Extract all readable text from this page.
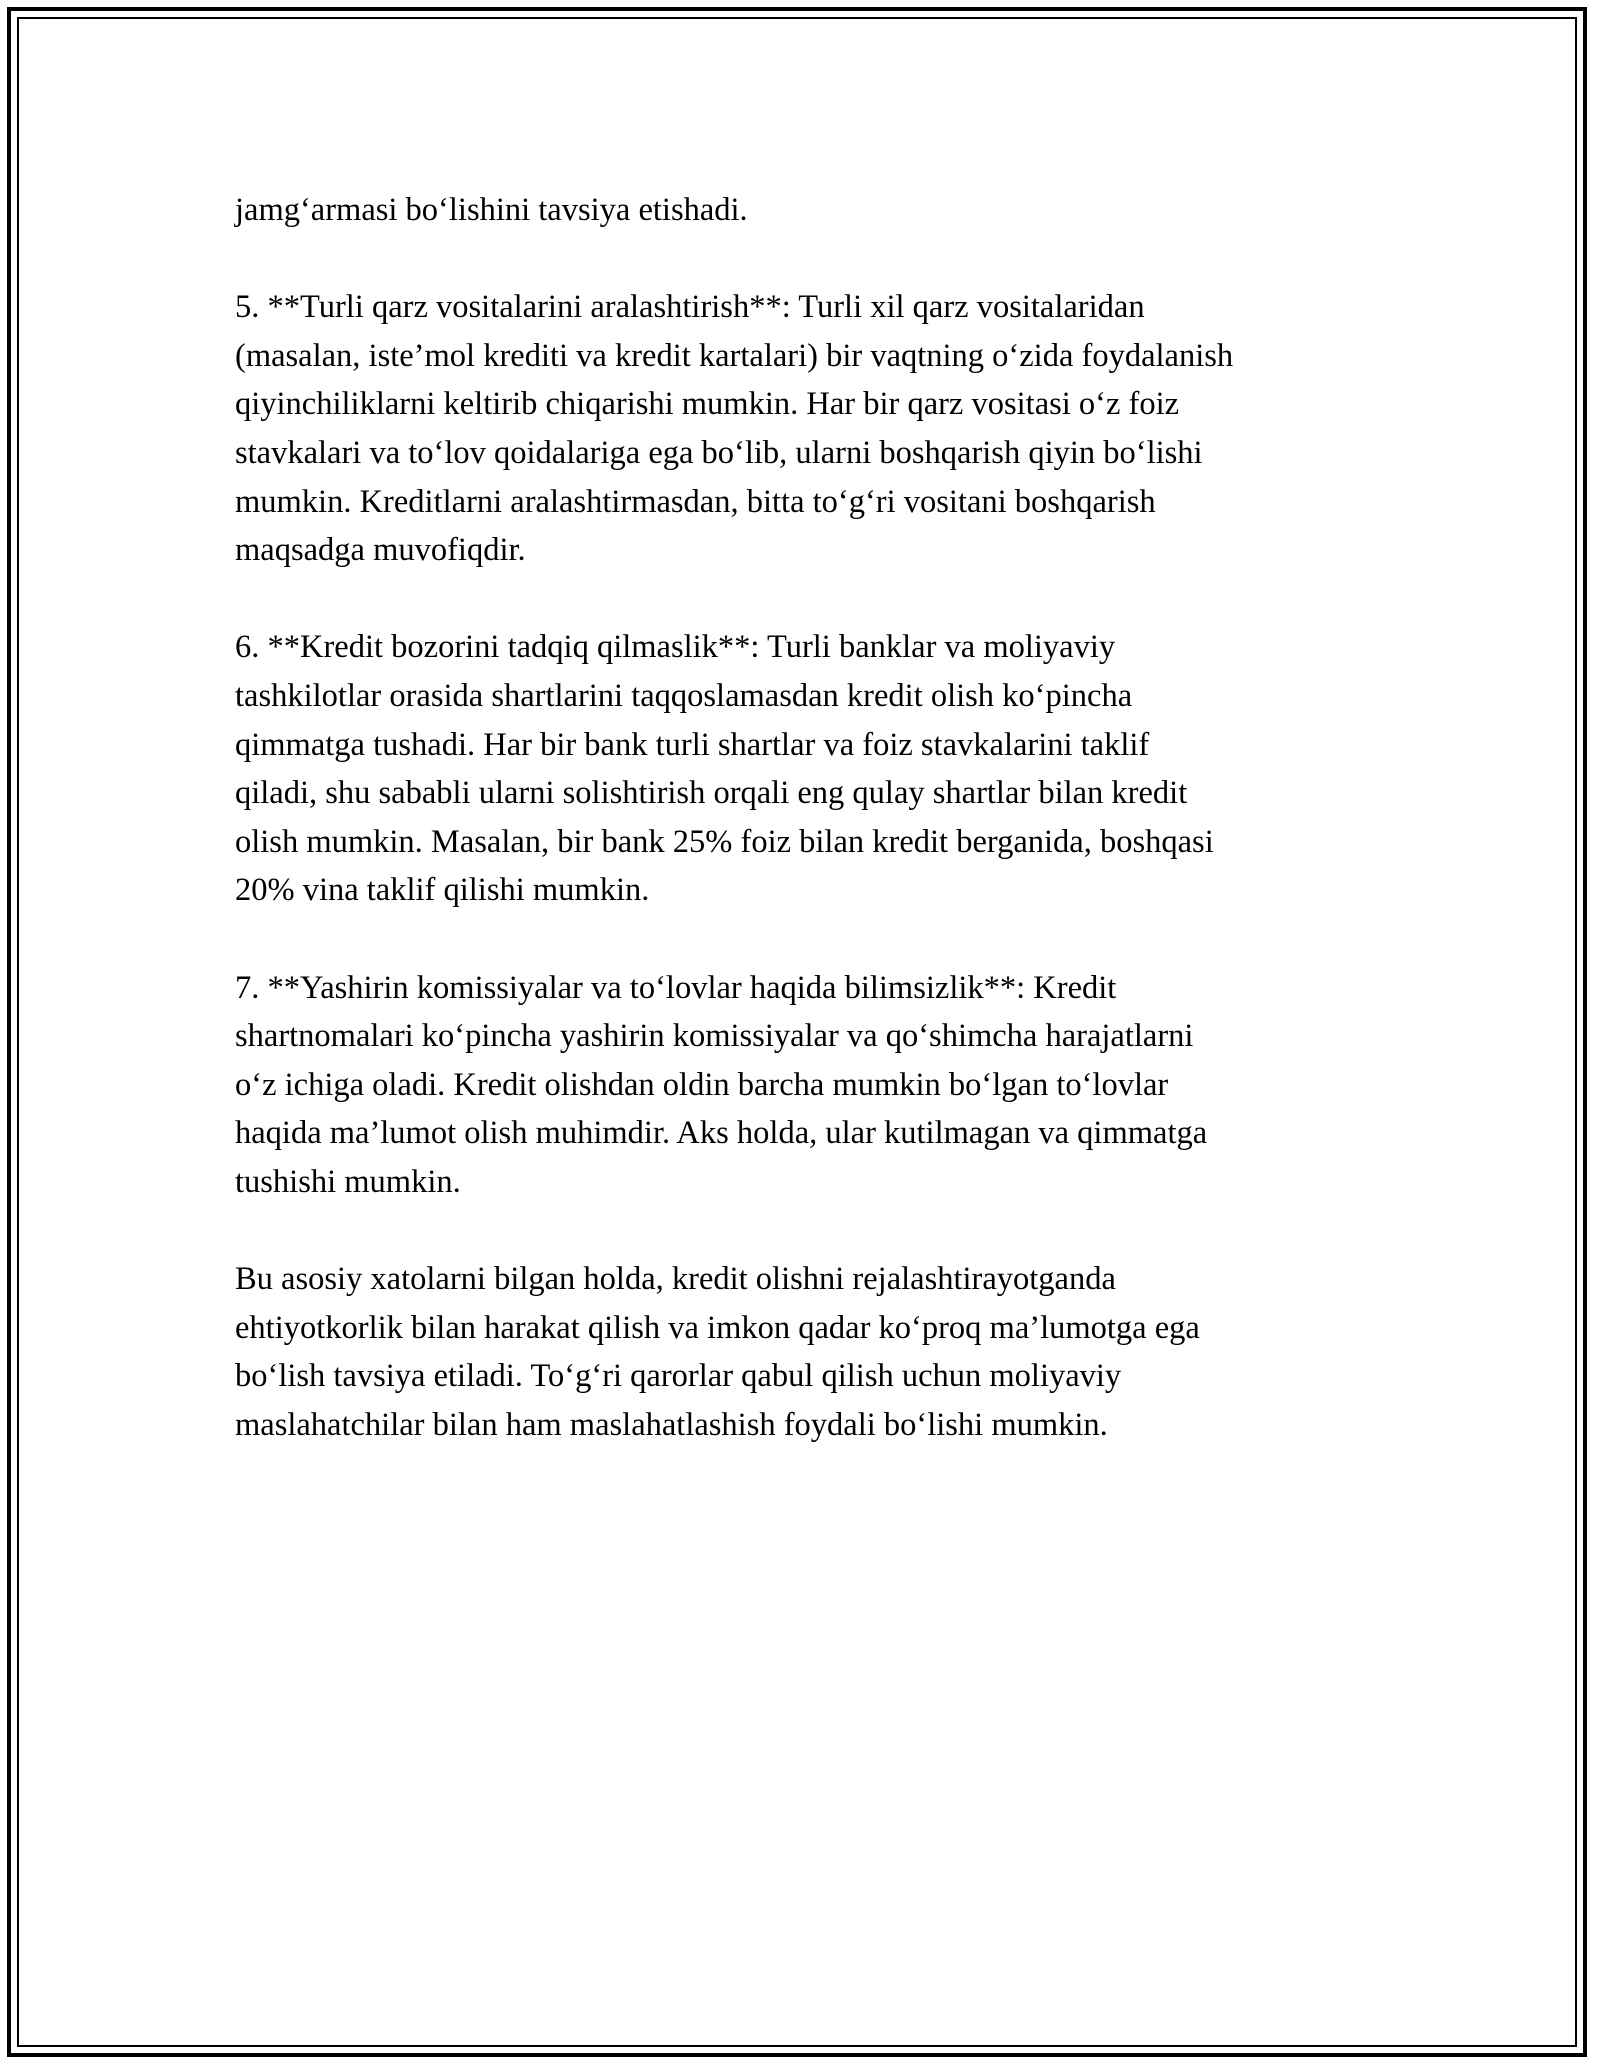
jamg‘armasi bo‘lishini tavsiya etishadi.

5. **Turli qarz vositalarini aralashtirish**: Turli xil qarz vositalaridan
(masalan, iste’mol krediti va kredit kartalari) bir vaqtning o‘zida foydalanish
qiyinchiliklarni keltirib chiqarishi mumkin. Har bir qarz vositasi o‘z foiz
stavkalari va to‘lov qoidalariga ega bo‘lib, ularni boshqarish qiyin bo‘lishi
mumkin. Kreditlarni aralashtirmasdan, bitta to‘g‘ri vositani boshqarish
maqsadga muvofiqdir.

6. **Kredit bozorini tadqiq qilmaslik**: Turli banklar va moliyaviy
tashkilotlar orasida shartlarini taqqoslamasdan kredit olish ko‘pincha
qimmatga tushadi. Har bir bank turli shartlar va foiz stavkalarini taklif
qiladi, shu sababli ularni solishtirish orqali eng qulay shartlar bilan kredit
olish mumkin. Masalan, bir bank 25% foiz bilan kredit berganida, boshqasi
20% vina taklif qilishi mumkin.

7. **Yashirin komissiyalar va to‘lovlar haqida bilimsizlik**: Kredit
shartnomalari ko‘pincha yashirin komissiyalar va qo‘shimcha harajatlarni
o‘z ichiga oladi. Kredit olishdan oldin barcha mumkin bo‘lgan to‘lovlar
haqida ma’lumot olish muhimdir. Aks holda, ular kutilmagan va qimmatga
tushishi mumkin.

Bu asosiy xatolarni bilgan holda, kredit olishni rejalashtirayotganda
ehtiyotkorlik bilan harakat qilish va imkon qadar ko‘proq ma’lumotga ega
bo‘lish tavsiya etiladi. To‘g‘ri qarorlar qabul qilish uchun moliyaviy
maslahatchilar bilan ham maslahatlashish foydali bo‘lishi mumkin.
